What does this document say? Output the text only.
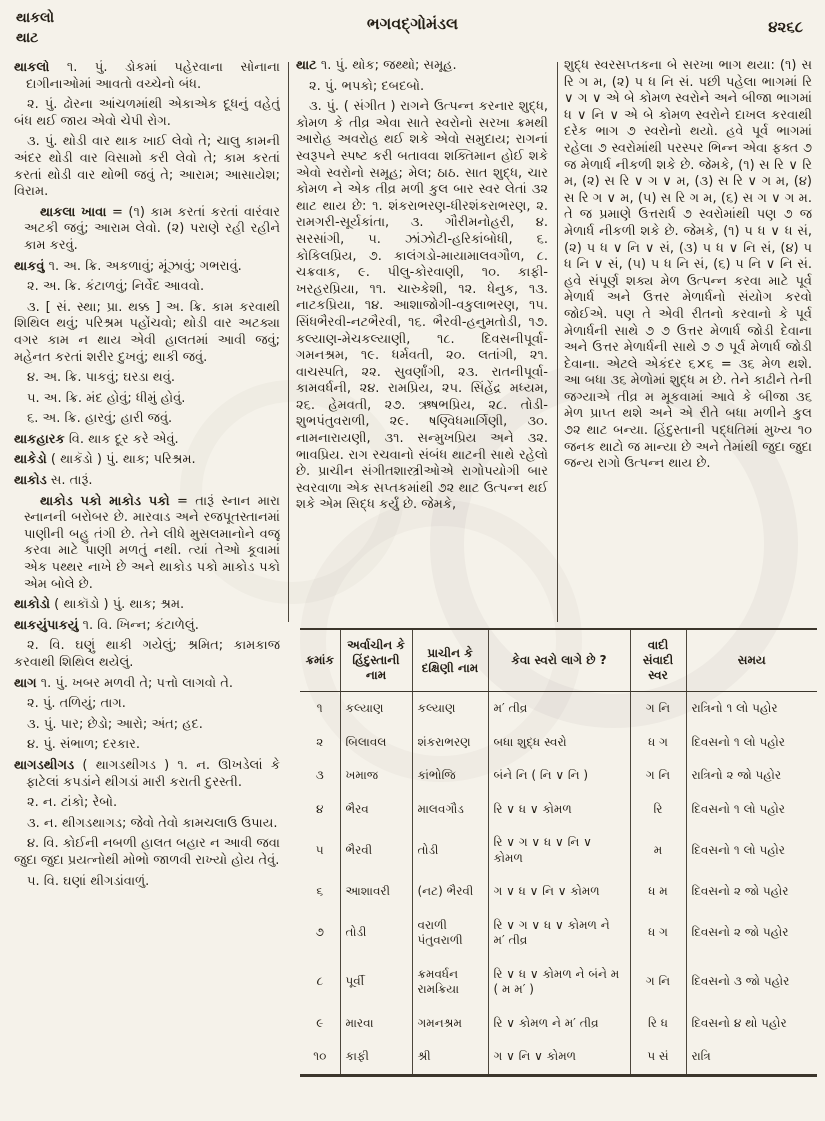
થાકલો
થાટ
ભગવદ્ગોમંડલ	૪૨૬૮

થાકલો ૧. પું. ડોકમાં પહેરવાના સોનાના દાગીનાઓમાં આવતો વચ્ચેનો બંધ.

૨. પું. ઢોરના આંચળમાંથી એકાએક દૂધનું વહેતું બંધ થઈ જાય એવો ચેપી રોગ.

૩. પું. થોડી વાર થાક ખાઈ લેવો તે; ચાલુ કામની અંદર થોડી વાર વિસામો કરી લેવો તે; કામ કરતાં કરતાં થોડી વાર થોભી જવું તે; આરામ; આસાયેશ; વિરામ.

થાકલા ખાવા = (૧) કામ કરતાં કરતાં વારંવાર અટકી જવું; આરામ લેવો. (૨) પરાણે રહી રહીને કામ કરવું.

થાકવું ૧. અ. ક્રિ. અકળાવું; મૂંઝાવું; ગભરાવું.

૨. અ. ક્રિ. કંટાળવું; નિર્વેદ આવવો.

૩. [ સં. સ્થા; પ્રા. થક્ક ] અ. ક્રિ. કામ કરવાથી શિથિલ થવું; પરિશ્રમ પહોંચવો; થોડી વાર અટક્યા વગર કામ ન થાય એવી હાલતમાં આવી જવું; મહેનત કરતાં શરીર દુખવું; થાકી જવું.

૪. અ. ક્રિ. પાકવું; ઘરડા થવું.

૫. અ. ક્રિ. મંદ હોવું; ધીમું હોવું.

૬. અ. ક્રિ. હારવું; હારી જવું.

થાકહારક વિ. થાક દૂર કરે એવું.

થાકેડો ( થાકૅડો ) પું. થાક; પરિશ્રમ.

થાકોડ સ. તારૂં.

થાકોડ પકો માકોડ પકો = તારૂં સ્નાન મારા સ્નાનની બરોબર છે. મારવાડ અને રજપૂતસ્તાનમાં પાણીની બહુ તંગી છે. તેને લીધે મુસલમાનોને વજૂ કરવા માટે પાણી મળતું નથી. ત્યાં તેઓ કૂવામાં એક પથ્થર નાખે છે અને થાકોડ પકો માકોડ પકો એમ બોલે છે.

થાકોડો ( થાકૉડો ) પું. થાક; શ્રમ.

થાકયુંપાકયું ૧. વિ. ખિન્ન; કંટાળેલું.

૨. વિ. ઘણું થાકી ગયેલું; શ્રમિત; કામકાજ કરવાથી શિથિલ થયેલું.

થાગ ૧. પું. ખબર મળવી તે; પત્તો લાગવો તે.

૨. પું. તળિયું; તાગ.

૩. પું. પાર; છેડો; આરો; અંત; હદ.

૪. પું. સંભાળ; દરકાર.

થાગડથીગડ ( થાગડથીગડ ) ૧. ન. ઊખડેલાં કે ફાટેલાં કપડાંને થીગડાં મારી કરાતી દુરસ્તી.

૨. ન. ટાંકો; રેબો.

૩. ન. થીગડથાગડ; જેવો તેવો કામચલાઉ ઉપાય.

૪. વિ. કોઈની નબળી હાલત બહાર ન આવી જવા જુદા જુદા પ્રયત્નોથી મોભો જાળવી રાખ્યો હોય તેવું.

૫. વિ. ઘણાં થીગડાંવાળું.

થાટ ૧. પું. થોક; જથ્થો; સમૂહ.

૨. પું. ભપકો; દબદબો.

૩. પું. ( સંગીત ) રાગને ઉત્પન્ન કરનાર શુદ્ધ, કોમળ કે તીવ્ર એવા સાતે સ્વરોનો સરખા ક્રમથી આરોહ અવરોહ થઈ શકે એવો સમુદાય; રાગનાં સ્વરૂપને સ્પષ્ટ કરી બતાવવા શક્તિમાન હોઈ શકે એવો સ્વરોનો સમૂહ; મેલ; ઠાઠ. સાત શુદ્ધ, ચાર કોમળ ને એક તીવ્ર મળી કુલ બાર સ્વર લેતાં ૩૨ થાટ થાય છે: ૧. શંકરાભરણ-ધીરશંકરાભરણ, ૨. રામગરી-સૂર્યકાંતા, ૩. ગૌરીમનોહરી, ૪. સરસાંગી, ૫. ઝાંઝોટી-હરિકાંબોધી, ૬. કોકિલપ્રિય, ૭. કાલંગડો-માયામાલવગૌળ, ૮. ચક્રવાક, ૯. પીલુ-કોરવાણી, ૧૦. કાફી-ખરહરપ્રિયા, ૧૧. ચારુકેશી, ૧૨. ધેનુક, ૧૩. નાટકપ્રિયા, ૧૪. આશાજોગી-વકુલાભરણ, ૧૫. સિંધભૈરવી-નટભૈરવી, ૧૬. ભૈરવી-હનુમતોડી, ૧૭. કલ્યાણ-મેચકલ્યાણી, ૧૮. દિવસનીપૂર્વા-ગમનશ્રમ, ૧૯. ધર્મવતી, ૨૦. લતાંગી, ૨૧. વાચસ્પતિ, ૨૨. સુવર્ણાંગી, ૨૩. રાતનીપૂર્વા-કામવર્ધની, ૨૪. રામપ્રિય, ૨૫. સિંહેંદ્ર મધ્યમ, ૨૬. હેમવતી, ૨૭. ઋષભપ્રિય, ૨૮. તોડી-શુભપંતુવરાળી, ૨૯. ષણ્વિધમાર્ગિણી, ૩૦. નામનારાયણી, ૩૧. સન્મુખપ્રિય અને ૩૨. ભાવપ્રિય. રાગ રચવાનો સંબંધ થાટની સાથે રહેલો છે. પ્રાચીન સંગીતશાસ્ત્રીઓએ રાગોપયોગી બાર સ્વરવાળા એક સપ્તકમાંથી ૭૨ થાટ ઉત્પન્ન થઈ શકે એમ સિદ્ધ કર્યું છે. જેમકે,

શુદ્ધ સ્વરસપ્તકના બે સરખા ભાગ થયા: (૧) સ રિ ગ મ, (૨) પ ધ નિ સં. પછી પહેલા ભાગમાં રિ ∨ ગ ∨ એ બે કોમળ સ્વરોને અને બીજા ભાગમાં ધ ∨ નિ ∨ એ બે કોમળ સ્વરોને દાખલ કરવાથી દરેક ભાગ ૭ સ્વરોનો થયો. હવે પૂર્વ ભાગમાં રહેલા ૭ સ્વરોમાંથી પરસ્પર ભિન્ન એવા ફક્ત ૭ જ મેળાર્ધ નીકળી શકે છે. જેમકે, (૧) સ રિ ∨ રિ મ, (૨) સ રિ ∨ ગ ∨ મ, (૩) સ રિ ∨ ગ મ, (૪) સ રિ ગ ∨ મ, (૫) સ રિ ગ મ, (૬) સ ગ ∨ ગ મ. તે જ પ્રમાણે ઉત્તરાર્ધ ૭ સ્વરોમાંથી પણ ૭ જ મેળાર્ધ નીકળી શકે છે. જેમકે, (૧) પ ધ ∨ ધ સં, (૨) પ ધ ∨ નિ ∨ સં, (૩) પ ધ ∨ નિ સં, (૪) પ ધ નિ ∨ સં, (૫) પ ધ નિ સં, (૬) પ નિ ∨ નિ સં. હવે સંપૂર્ણ શક્ય મેળ ઉત્પન્ન કરવા માટે પૂર્વ મેળાર્ધ અને ઉત્તર મેળાર્ધનો સંયોગ કરવો જોઈએ. પણ તે એવી રીતનો કરવાનો કે પૂર્વ મેળાર્ધની સાથે ૭ ૭ ઉત્તર મેળાર્ધ જોડી દેવાના અને ઉત્તર મેળાર્ધની સાથે ૭ ૭ પૂર્વ મેળાર્ધ જોડી દેવાના. એટલે એકંદર ૬×૬ = ૩૬ મેળ થશે. આ બધા ૩૬ મેળોમાં શુદ્ધ મ છે. તેને કાઢીને તેની જગ્યાએ તીવ્ર મ મૂકવામાં આવે કે બીજા ૩૬ મેળ પ્રાપ્ત થશે અને એ રીતે બધા મળીને કુલ ૭૨ થાટ બન્યા. હિંદુસ્તાની પદ્ધતિમાં મુખ્ય ૧૦ જનક થાટો જ માન્યા છે અને તેમાંથી જુદા જુદા જન્ય રાગો ઉત્પન્ન થાય છે.

ક્રમાંક	અર્વાચીન કે હિંદુસ્તાની નામ	પ્રાચીન કે દક્ષિણી નામ	કેવા સ્વરો લાગે છે ?	વાદી સંવાદી સ્વર	સમય
૧	કલ્યાણ	કલ્યાણ	મ′ તીવ્ર	ગ નિ	રાત્રિનો ૧ લો પહોર
૨	બિલાવલ	શંકરાભરણ	બધા શુદ્ધ સ્વરો	ધ ગ	દિવસનો ૧ લો પહોર
૩	ખમાજ	કાંભોજિ	બંને નિ ( નિ ∨ નિ )	ગ નિ	રાત્રિનો ૨ જો પહોર
૪	ભૈરવ	માલવગૌડ	રિ ∨ ધ ∨ કોમળ	રિ	દિવસનો ૧ લો પહોર
૫	ભૈરવી	તોડી	રિ ∨ ગ ∨ ધ ∨ નિ ∨ કોમળ	મ	દિવસનો ૧ લો પહોર
૬	આશાવરી	(નટ) ભૈરવી	ગ ∨ ધ ∨ નિ ∨ કોમળ	ધ મ	દિવસનો ૨ જો પહોર
૭	તોડી	વરાળી પંતુવરાળી	રિ ∨ ગ ∨ ધ ∨ કોમળ ને મ′ તીવ્ર	ધ ગ	દિવસનો ૨ જો પહોર
૮	પૂર્વી	ક્રમવર્ધન રામક્રિયા	રિ ∨ ધ ∨ કોમળ ને બંને મ ( મ મ′ )	ગ નિ	દિવસનો ૩ જો પહોર
૯	મારવા	ગમનશ્રમ	રિ ∨ કોમળ ને મ′ તીવ્ર	રિ ધ	દિવસનો ૪ થો પહોર
૧૦	કાફી	શ્રી	ગ ∨ નિ ∨ કોમળ	પ સં	રાત્રિ
